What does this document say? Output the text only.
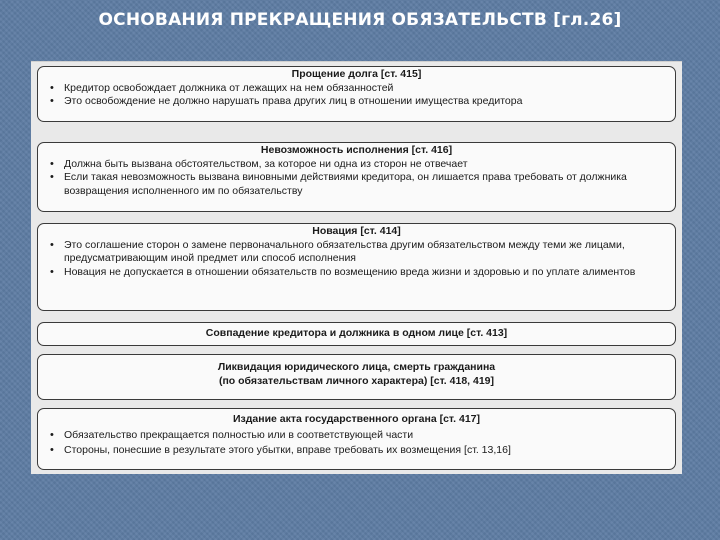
ОСНОВАНИЯ ПРЕКРАЩЕНИЯ ОБЯЗАТЕЛЬСТВ [гл.26]
Прощение долга [ст. 415]
• Кредитор освобождает должника от лежащих на нем обязанностей
• Это освобождение не должно нарушать права других лиц в отношении имущества кредитора
Невозможность исполнения [ст. 416]
• Должна быть вызвана обстоятельством, за которое ни одна из сторон не отвечает
• Если такая невозможность вызвана виновными действиями кредитора, он лишается права требовать от должника возвращения исполненного им по обязательству
Новация [ст. 414]
• Это соглашение сторон о замене первоначального обязательства другим обязательством между теми же лицами, предусматривающим иной предмет или способ исполнения
• Новация не допускается в отношении обязательств по возмещению вреда жизни и здоровью и по уплате алиментов
Совпадение кредитора и должника в одном лице [ст. 413]
Ликвидация юридического лица, смерть гражданина
(по обязательствам личного характера) [ст. 418, 419]
Издание акта государственного органа [ст. 417]
• Обязательство прекращается полностью или в соответствующей части
• Стороны, понесшие в результате этого убытки, вправе требовать их возмещения [ст. 13,16]
